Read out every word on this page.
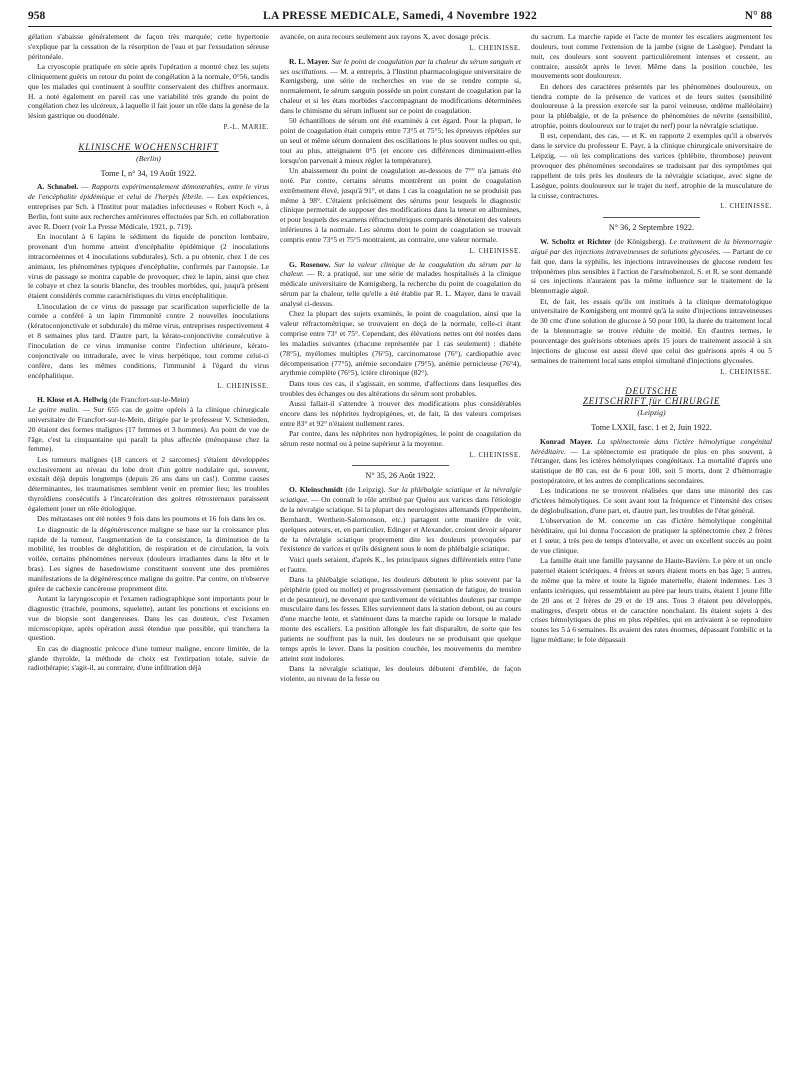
958	LA PRESSE MEDICALE, Samedi, 4 Novembre 1922	N° 88

gélation s'abaisse généralement de façon très marquée; cette hypertonie s'explique par la cessation de la résorption de l'eau et par l'exsudation séreuse péritonéale.

La cryoscopie pratiquée en série après l'opération a montré chez les sujets cliniquement guéris un retour du point de congélation à la normale, 0°56, tandis que les malades qui continuent à souffrir conservaient des chiffres anormaux. H. a noté également en pareil cas une variabilité très grande du point de congélation chez les ulcéreux, à laquelle il fait jouer un rôle dans la genèse de la lésion gastrique ou duodénale.

P.-L. MARIE.
KLINISCHE WOCHENSCHRIFT
(Berlin)
Tome I, n° 34, 19 Août 1922.

A. Schnabel. — Rapports expérimentalement démontrables, entre le virus de l'encéphalite épidémique et celui de l'herpès fébrile. — Les expériences, entreprises par Sch. à l'Institut pour maladies infectieuses « Robert Koch », à Berlin, font suite aux recherches antérieures effectuées par Sch. en collaboration avec R. Doerr (voir La Presse Médicale, 1921, p. 719).

En inoculant à 6 lapins le sédiment du liquide de ponction lombaire, provenant d'un homme atteint d'encéphalite épidémique (2 inoculations intracornéennes et 4 inoculations subdurales), Sch. a pu obtenir, chez 1 de ces animaux, les phénomènes typiques d'encéphalite, confirmés par l'autopsie. Le virus de passage se montra capable de provoquer, chez le lapin, ainsi que chez le cobaye et chez la souris blanche, des troubles morbides, qui, jusqu'à présent étaient considérés comme caractéristiques du virus encéphalitique.

L'inoculation de ce virus de passage par scarification superficielle de la cornée a conféré à un lapin l'immunité contre 2 nouvelles inoculations (kératoconjonctivale et subdurale) du même virus, entreprises respectivement 4 et 8 semaines plus tard. D'autre part, la kérato-conjonctivite consécutive à l'inoculation de ce virus immunise contre l'infection ultérieure, kérato-conjonctivale ou intradurale, avec le virus herpétique, tout comme celui-ci confère, dans les mêmes conditions, l'immunité à l'égard du virus encéphalitique.

L. CHEINISSE.

H. Klose et A. Hellwig (de Francfort-sur-le-Mein)
Le goitre malin. — Sur 655 cas de goitre opérés à la clinique chirurgicale universitaire de Francfort-sur-le-Mein, dirigée par le professeur V. Schmieden, 20 étaient des formes malignes (17 femmes et 3 hommes). Au point de vue de l'âge, c'est la cinquantaine qui paraît la plus affectée (ménopause chez la femme).

Les tumeurs malignes (18 cancers et 2 sarcomes) s'étaient développées exclusivement au niveau du lobe droit d'un goitre nodulaire qui, souvent, existait déjà depuis longtemps (depuis 26 ans dans un cas!). Comme causes déterminantes, les traumatismes semblent venir en premier lieu; les troubles thyroïdiens consécutifs à l'incarcération des goitres rétrosternaux paraissent également jouer un rôle étiologique.

Des métastases ont été notées 9 fois dans les poumons et 16 fois dans les os.

Le diagnostic de la dégénérescence maligne se base sur la croissance plus rapide de la tumeur, l'augmentation de la consistance, la diminution de la mobilité, les troubles de déglutition, de respiration et de circulation, la voix voilée, certains phénomènes nerveux (douleurs irradiantes dans la tête et le bras). Les signes de basedowisme constituent souvent une des premières manifestations de la dégénérescence maligne du goitre. Par contre, on n'observe guère de cachexie cancéreuse proprement dite.

Autant la laryngoscopie et l'examen radiographique sont importants pour le diagnostic (trachée, poumons, squelette), autant les ponctions et excisions en vue de biopsie sont dangereuses. Dans les cas douteux, c'est l'examen microscopique, après opération aussi étendue que possible, qui tranchera la question.

En cas de diagnostic précoce d'une tumeur maligne, encore limitée, de la glande thyroïde, la méthode de choix est l'extirpation totale, suivie de radiothérapie; s'agit-il, au contraire, d'une infiltration déjà

avancée, on aura recours seulement aux rayons X, avec dosage précis.

L. CHEINISSE.

R. L. Mayer. Sur le point de coagulation par la chaleur du sérum sanguin et ses oscillations. — M. a entrepris, à l'Institut pharmacologique universitaire de Kœnigsberg, une série de recherches en vue de se rendre compte si, normalement, le sérum sanguin possède un point constant de coagulation par la chaleur et si les états morbides s'accompagnant de modifications déterminées dans le chimisme du sérum influent sur ce point de coagulation.

50 échantillons de sérum ont été examinés à cet égard. Pour la plupart, le point de coagulation était compris entre 73°5 et 75°5; les épreuves répétées sur un seul et même sérum donnaient des oscillations le plus souvent nulles ou qui, tout au plus, atteignaient 0°5 (et encore ces différences diminuaient-elles lorsqu'on parvenait à mieux régler la température).

Un abaissement du point de coagulation au-dessous de 7°° n'a jamais été noté. Par contre, certains sérums montrèrent un point de coagulation extrêmement élevé, jusqu'à 91°, et dans 1 cas la coagulation ne se produisit pas même à 98°. C'étaient précisément des sérums pour lesquels le diagnostic clinique permettait de supposer des modifications dans la teneur en albumines, et pour lesquels des examens réfractométriques comparés dénotaient des valeurs inférieures à la normale. Les sérums dont le point de coagulation se trouvait compris entre 73°5 et 75°5 montraient, au contraire, une valeur normale.

L. CHEINISSE.

G. Rosenow. Sur la valeur clinique de la coagulation du sérum par la chaleur. — R. a pratiqué, sur une série de malades hospitalisés à la clinique médicale universitaire de Kœnigsberg, la recherche du point de coagulation du sérum par la chaleur, telle qu'elle a été établie par R. L. Mayer, dans le travail analysé ci-dessus.

Chez la plupart des sujets examinés, le point de coagulation, ainsi que la valeur réfractométrique, se trouvaient en deçà de la normale, celle-ci étant comprise entre 73° et 75°. Cependant, des élévations nettes ont été notées dans les maladies suivantes (chacune représentée par 1 cas seulement) : diabète (78°5), myélomes multiples (76°5), carcinomatose (76°), cardiopathie avec décompensation (77°5), anémie secondaire (79°5), anémie pernicieuse (76°4), arythmie complète (76°5), ictère chronique (82°).

Dans tous ces cas, il s'agissait, en somme, d'affections dans lesquelles des troubles des échanges ou des altérations du sérum sont probables.

Aussi fallait-il s'attendre à trouver des modifications plus considérables encore dans les néphrites hydropigènes, et, de fait, là des valeurs comprises entre 83° et 92° n'étaient nullement rares.

Par contre, dans les néphrites non hydropigènes, le point de coagulation du sérum reste normal ou à peine supérieur à la moyenne.

L. CHEINISSE.
N° 35, 26 Août 1922.

O. Kleinschmidt (de Leipzig). Sur la phlébalgie sciatique et la névralgie sciatique. — On connaît le rôle attribué par Quénu aux varices dans l'étiologie de la névralgie sciatique. Si la plupart des neurologistes allemands (Oppenheim, Bernhardt, Werthein-Salomonson, etc.) partagent cette manière de voir, quelques auteurs, et, en particulier, Edinger et Alexander, croient devoir séparer de la névralgie sciatique proprement dite les douleurs provoquées par l'existence de varices et qu'ils désignent sous le nom de phlébalgie sciatique.

Voici quels seraient, d'après K., les principaux signes différentiels entre l'une et l'autre.

Dans la phlébalgie sciatique, les douleurs débutent le plus souvent par la périphérie (pied ou mollet) et progressivement (sensation de fatigue, de tension et de pesanteur), ne devenant que tardivement de véritables douleurs par crampe musculaire dans les fesses. Elles surviennent dans la station debout, ou au cours d'une marche lente, et s'atténuent dans la marche rapide ou lorsque le malade monte des escaliers. La position allongée les fait disparaître, de sorte que les patients ne souffrent pas la nuit, les douleurs ne se produisant que quelque temps après le lever. Dans la position couchée, les mouvements du membre atteint sont indolores.

Dans la névralgie sciatique, les douleurs débutent d'emblée, de façon violente, au niveau de la fesse ou

du sacrum. La marche rapide et l'acte de monter les escaliers augmentent les douleurs, tout comme l'extension de la jambe (signe de Lasègue). Pendant la nuit, ces douleurs sont souvent particulièrement intenses et cessent, au contraire, aussitôt après le lever. Même dans la position couchée, les mouvements sont douloureux.

En dehors des caractères présentés par les phénomènes douloureux, on tiendra compte de la présence de varices et de leurs suites (sensibilité douloureuse à la pression exercée sur la paroi veineuse, œdème malléolaire) pour la phlébalgie, et de la présence de phénomènes de névrite (sensibilité, atrophie, points douloureux sur le trajet du nerf) pour la névralgie sciatique.

Il est, cependant, des cas, — et K. en rapporte 2 exemples qu'il a observés dans le service du professeur E. Payr, à la clinique chirurgicale universitaire de Leipzig, — où les complications des varices (phlébite, thrombose) peuvent provoquer des phénomènes secondaires se traduisant par des symptômes qui rappellent de très près les douleurs de la névralgie sciatique, avec signe de Lasègue, points douloureux sur le trajet du nerf, atrophie de la musculature de la cuisse, contractures.

L. CHEINISSE.
N° 36, 2 Septembre 1922.

W. Scholtz et Richter (de Königsberg). Le traitement de la blennorragie aiguë par des injections intraveineuses de solutions glycosées. — Partant de ce fait que, dans la syphilis, les injections intraveineuses de glucose rendent les tréponèmes plus sensibles à l'action de l'arsénobenzol, S. et R. se sont demandé si ces injections n'auraient pas la même influence sur le traitement de la blennorragie aiguë.

Et, de fait, les essais qu'ils ont institués à la clinique dermatologique universitaire de Kœnigsberg ont montré qu'à la suite d'injections intraveineuses de 30 cmc d'une solution de glucose à 50 pour 100, la durée du traitement local de la blennorragie se trouve réduite de moitié. En d'autres termes, le pourcentage des guérisons obtenues après 15 jours de traitement associé à six injections de glucose est aussi élevé que celui des guérisons après 4 ou 5 semaines de traitement local sans emploi simultané d'injections glycosées.

L. CHEINISSE.
DEUTSCHE
ZEITSCHRIFT für CHIRURGIE
(Leipzig)
Tome LXXII, fasc. 1 et 2, Juin 1922.

Konrad Mayer. La splénectomie dans l'ictère hémolytique congénital héréditaire. — La splénectomie est pratiquée de plus en plus souvent, à l'étranger, dans les ictères hémolytiques congénitaux. La mortalité d'après une statistique de 80 cas, est de 6 pour 100, soit 5 morts, dont 2 d'hémorragie postopératoire, et les autres de complications secondaires.

Les indications ne se trouvent réalisées que dans une minorité des cas d'ictères hémolytiques. Ce sont avant tout la fréquence et l'intensité des crises de déglobulisation, d'une part, et, d'autre part, les troubles de l'état général.

L'observation de M. concerne un cas d'ictère hémolytique congénital héréditaire, qui lui donna l'occasion de pratiquer la splénectomie chez 2 frères et 1 sœur, à très peu de temps d'intervalle, et avec un excellent succès au point de vue clinique.

La famille était une famille paysanne de Haute-Bavière. Le père et un oncle paternel étaient ictériques. 4 frères et sœurs étaient morts en bas âge; 5 autres, de même que la mère et toute la lignée maternelle, étaient indemnes. Les 3 enfants ictériques, qui ressemblaient au père par leurs traits, étaient 1 jeune fille de 20 ans et 2 frères de 29 et de 19 ans. Tous 3 étaient peu développés, malingres, d'esprit obtus et de caractère nonchalant. Ils étaient sujets à des crises hémolytiques de plus en plus répétées, qui en arrivaient à se reproduire toutes les 5 à 6 semaines. Ils avaient des rates énormes, dépassant l'ombilic et la ligne médiane; le foie dépassait
